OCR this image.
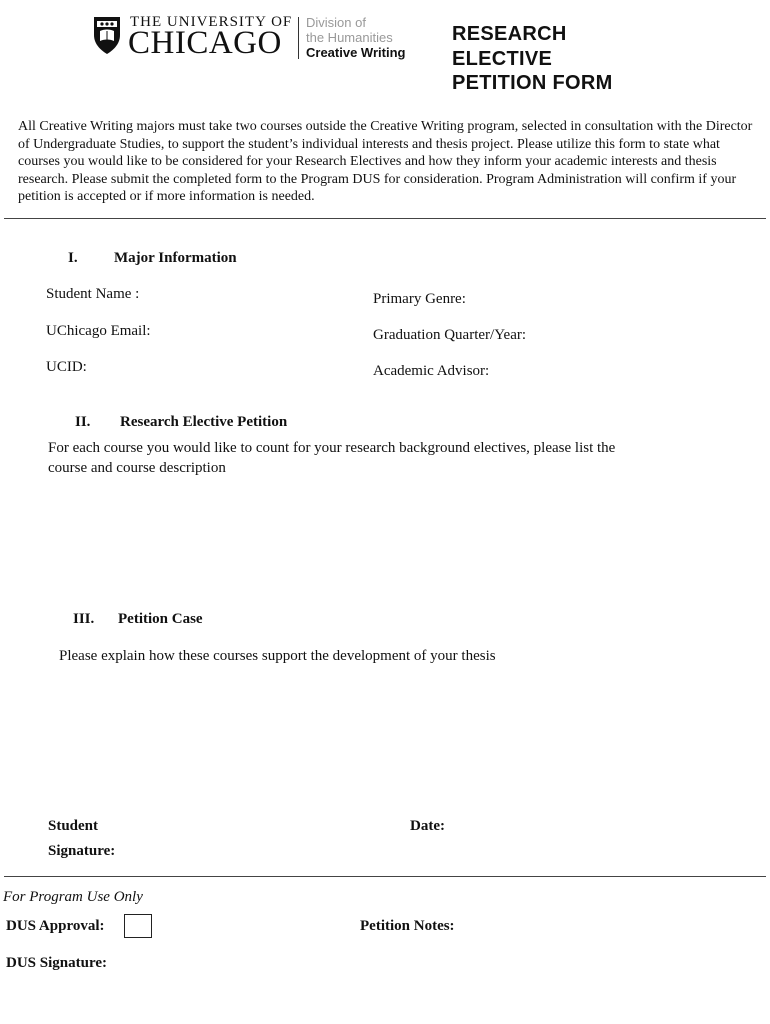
THE UNIVERSITY OF
CHICAGO
Division of
the Humanities
Creative Writing
RESEARCH
ELECTIVE
PETITION FORM
All Creative Writing majors must take two courses outside the Creative Writing program, selected in consultation with the Director of Undergraduate Studies, to support the student’s individual interests and thesis project. Please utilize this form to state what courses you would like to be considered for your Research Electives and how they inform your academic interests and thesis research. Please submit the completed form to the Program DUS for consideration. Program Administration will confirm if your petition is accepted or if more information is needed.
I. Major Information
Student Name :	Primary Genre:
UChicago Email:	Graduation Quarter/Year:
UCID:	Academic Advisor:
II. Research Elective Petition
For each course you would like to count for your research background electives, please list the course and course description
III. Petition Case
Please explain how these courses support the development of your thesis
Student
Signature:
Date:
For Program Use Only
DUS Approval:	Petition Notes:
DUS Signature:
